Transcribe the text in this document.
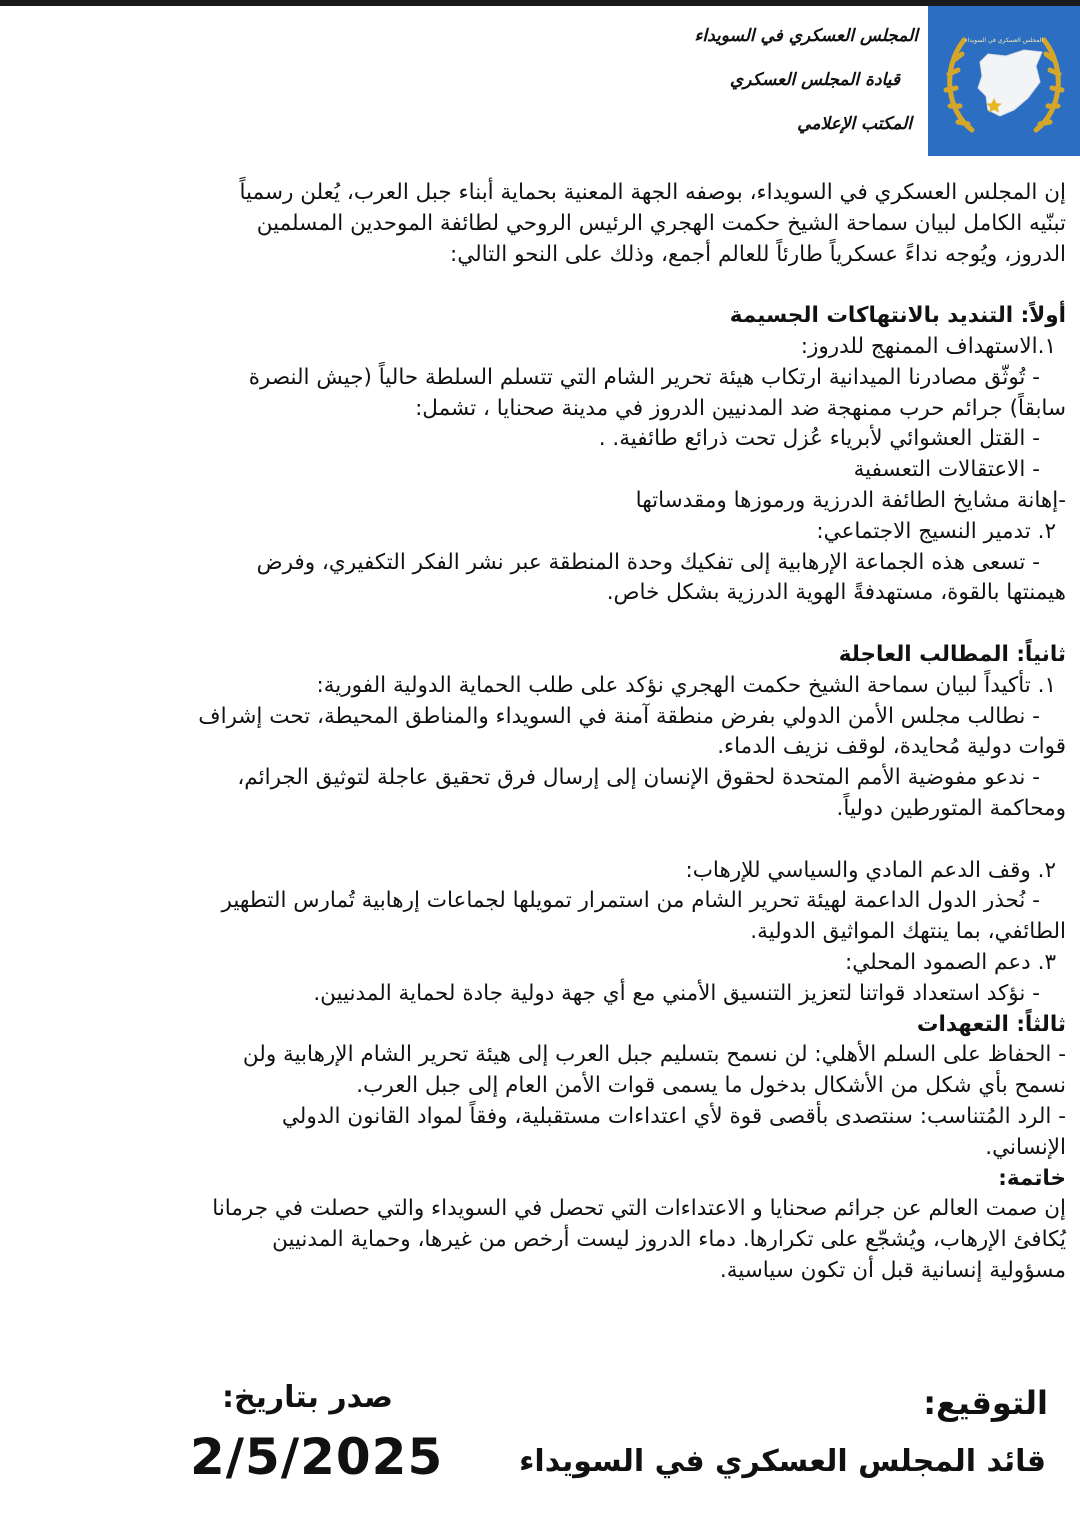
المجلس العسكري في السويداء
قيادة المجلس العسكري
المكتب الإعلامي
المجلس العسكري في السويداء
إن المجلس العسكري في السويداء، بوصفه الجهة المعنية بحماية أبناء جبل العرب، يُعلن رسمياً
تبنّيه الكامل لبيان سماحة الشيخ حكمت الهجري الرئيس الروحي لطائفة الموحدين المسلمين
الدروز، ويُوجه نداءً عسكرياً طارئاً للعالم أجمع، وذلك على النحو التالي:
أولاً: التنديد بالانتهاكات الجسيمة
١.الاستهداف الممنهج للدروز:
- تُوثّق مصادرنا الميدانية ارتكاب هيئة تحرير الشام التي تتسلم السلطة حالياً (جيش النصرة
سابقاً) جرائم حرب ممنهجة ضد المدنيين الدروز في مدينة صحنايا ، تشمل:
- القتل العشوائي لأبرياء عُزل تحت ذرائع طائفية. .
- الاعتقالات التعسفية
-إهانة مشايخ الطائفة الدرزية ورموزها ومقدساتها
٢. تدمير النسيج الاجتماعي:
- تسعى هذه الجماعة الإرهابية إلى تفكيك وحدة المنطقة عبر نشر الفكر التكفيري، وفرض
هيمنتها بالقوة، مستهدفةً الهوية الدرزية بشكل خاص.
ثانياً: المطالب العاجلة
١. تأكيداً لبيان سماحة الشيخ حكمت الهجري نؤكد على طلب الحماية الدولية الفورية:
- نطالب مجلس الأمن الدولي بفرض منطقة آمنة في السويداء والمناطق المحيطة، تحت إشراف
قوات دولية مُحايدة، لوقف نزيف الدماء.
- ندعو مفوضية الأمم المتحدة لحقوق الإنسان إلى إرسال فرق تحقيق عاجلة لتوثيق الجرائم،
ومحاكمة المتورطين دولياً.
٢. وقف الدعم المادي والسياسي للإرهاب:
- نُحذر الدول الداعمة لهيئة تحرير الشام من استمرار تمويلها لجماعات إرهابية تُمارس التطهير
الطائفي، بما ينتهك المواثيق الدولية.
٣. دعم الصمود المحلي:
- نؤكد استعداد قواتنا لتعزيز التنسيق الأمني مع أي جهة دولية جادة لحماية المدنيين.
ثالثاً: التعهدات
- الحفاظ على السلم الأهلي: لن نسمح بتسليم جبل العرب إلى هيئة تحرير الشام الإرهابية ولن
نسمح بأي شكل من الأشكال بدخول ما يسمى قوات الأمن العام إلى جبل العرب.
- الرد المُتناسب: سنتصدى بأقصى قوة لأي اعتداءات مستقبلية، وفقاً لمواد القانون الدولي
الإنساني.
خاتمة:
إن صمت العالم عن جرائم صحنايا و الاعتداءات التي تحصل في السويداء والتي حصلت في جرمانا
يُكافئ الإرهاب، ويُشجّع على تكرارها. دماء الدروز ليست أرخص من غيرها، وحماية المدنيين
مسؤولية إنسانية قبل أن تكون سياسية.
التوقيع:
قائد المجلس العسكري في السويداء
صدر بتاريخ:
2/5/2025
